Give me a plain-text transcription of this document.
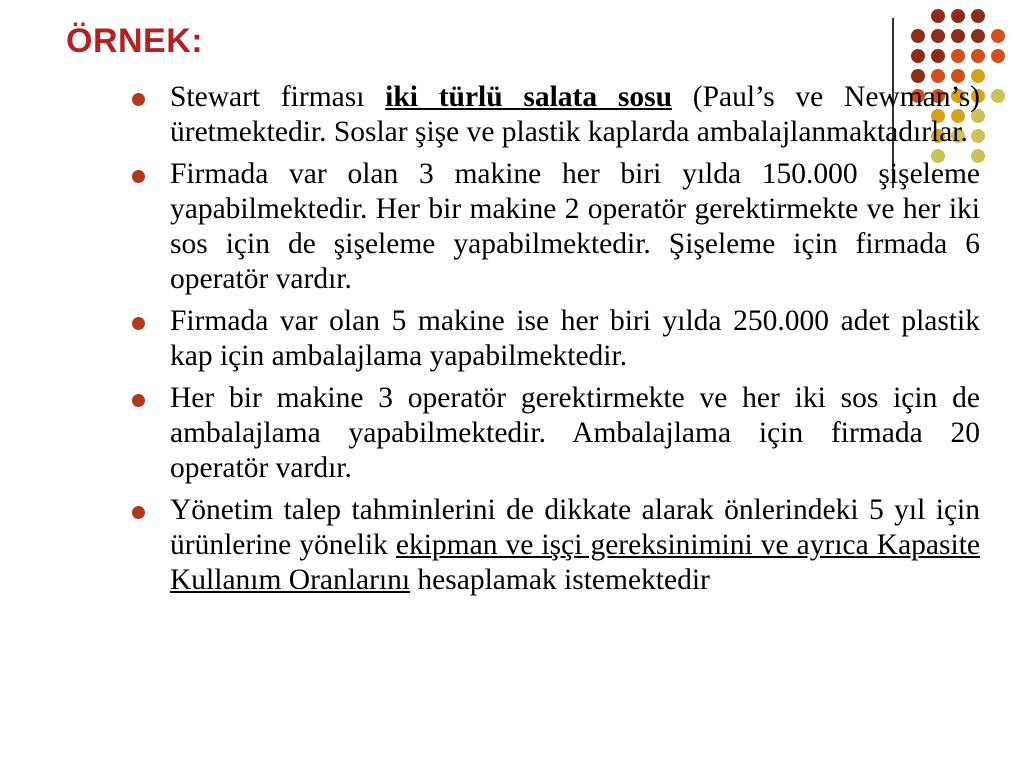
ÖRNEK:
Stewart firması iki türlü salata sosu (Paul’s ve Newman’s) üretmektedir. Soslar şişe ve plastik kaplarda ambalajlanmaktadırlar.
Firmada var olan 3 makine her biri yılda 150.000 şişeleme yapabilmektedir. Her bir makine 2 operatör gerektirmekte ve her iki sos için de şişeleme yapabilmektedir. Şişeleme için firmada 6 operatör vardır.
Firmada var olan 5 makine ise her biri yılda 250.000 adet plastik kap için ambalajlama yapabilmektedir.
Her bir makine 3 operatör gerektirmekte ve her iki sos için de ambalajlama yapabilmektedir. Ambalajlama için firmada 20 operatör vardır.
Yönetim talep tahminlerini de dikkate alarak önlerindeki 5 yıl için ürünlerine yönelik ekipman ve işçi gereksinimini ve ayrıca Kapasite Kullanım Oranlarını hesaplamak istemektedir
